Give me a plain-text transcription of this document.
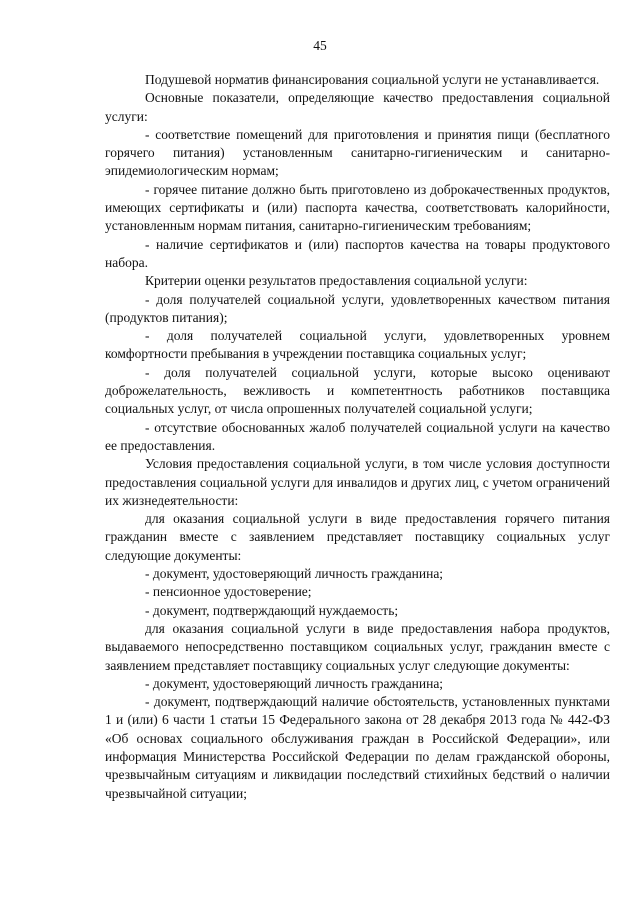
45

Подушевой норматив финансирования социальной услуги не устанавливается.

Основные показатели, определяющие качество предоставления социальной услуги:

- соответствие помещений для приготовления и принятия пищи (бесплатного горячего питания) установленным санитарно-гигиеническим и санитарно-эпидемиологическим нормам;

- горячее питание должно быть приготовлено из доброкачественных продуктов, имеющих сертификаты и (или) паспорта качества, соответствовать калорийности, установленным нормам питания, санитарно-гигиеническим требованиям;

- наличие сертификатов и (или) паспортов качества на товары продуктового набора.

Критерии оценки результатов предоставления социальной услуги:

- доля получателей социальной услуги, удовлетворенных качеством питания (продуктов питания);

- доля получателей социальной услуги, удовлетворенных уровнем комфортности пребывания в учреждении поставщика социальных услуг;

- доля получателей социальной услуги, которые высоко оценивают доброжелательность, вежливость и компетентность работников поставщика социальных услуг, от числа опрошенных получателей социальной услуги;

- отсутствие обоснованных жалоб получателей социальной услуги на качество ее предоставления.

Условия предоставления социальной услуги, в том числе условия доступности предоставления социальной услуги для инвалидов и других лиц, с учетом ограничений их жизнедеятельности:

для оказания социальной услуги в виде предоставления горячего питания гражданин вместе с заявлением представляет поставщику социальных услуг следующие документы:

- документ, удостоверяющий личность гражданина;

- пенсионное удостоверение;

- документ, подтверждающий нуждаемость;

для оказания социальной услуги в виде предоставления набора продуктов, выдаваемого непосредственно поставщиком социальных услуг, гражданин вместе с заявлением представляет поставщику социальных услуг следующие документы:

- документ, удостоверяющий личность гражданина;

- документ, подтверждающий наличие обстоятельств, установленных пунктами 1 и (или) 6 части 1 статьи 15 Федерального закона от 28 декабря 2013 года № 442-ФЗ «Об основах социального обслуживания граждан в Российской Федерации», или информация Министерства Российской Федерации по делам гражданской обороны, чрезвычайным ситуациям и ликвидации последствий стихийных бедствий о наличии чрезвычайной ситуации;
